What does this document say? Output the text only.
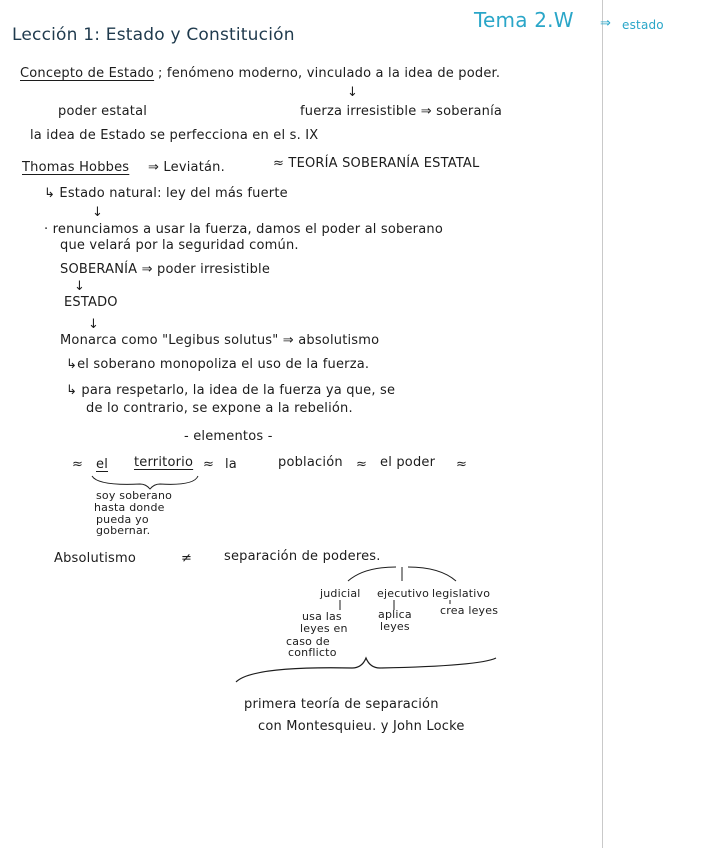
Lección 1: Estado y Constitución
Tema 2.W ⇒ estado
Concepto de Estado ; fenómeno moderno, vinculado a la idea de poder.
↓
poder estatal	fuerza irresistible ⇒ soberanía
la idea de Estado se perfecciona en el s. IX
Thomas Hobbes ⇒ Leviatán.	≈ TEORÍA SOBERANÍA ESTATAL
↳ Estado natural: ley del más fuerte
↓
· renunciamos a usar la fuerza, damos el poder al soberano
que velará por la seguridad común.
SOBERANÍA ⇒ poder irresistible
↓
ESTADO
↓
Monarca como "Legibus solutus" ⇒ absolutismo
↳el soberano monopoliza el uso de la fuerza.
↳ para respetarlo, la idea de la fuerza ya que, se
de lo contrario, se expone a la rebelión.
- elementos -
≈ el territorio ≈ la	población ≈ el poder ≈
soy soberano
hasta donde
pueda yo
gobernar.
Absolutismo	≠ separación de poderes.
judicial ejecutivo legislativo
usa las
leyes en
caso de
conflicto
aplica
leyes
crea leyes
primera teoría de separación
con Montesquieu. y John Locke
